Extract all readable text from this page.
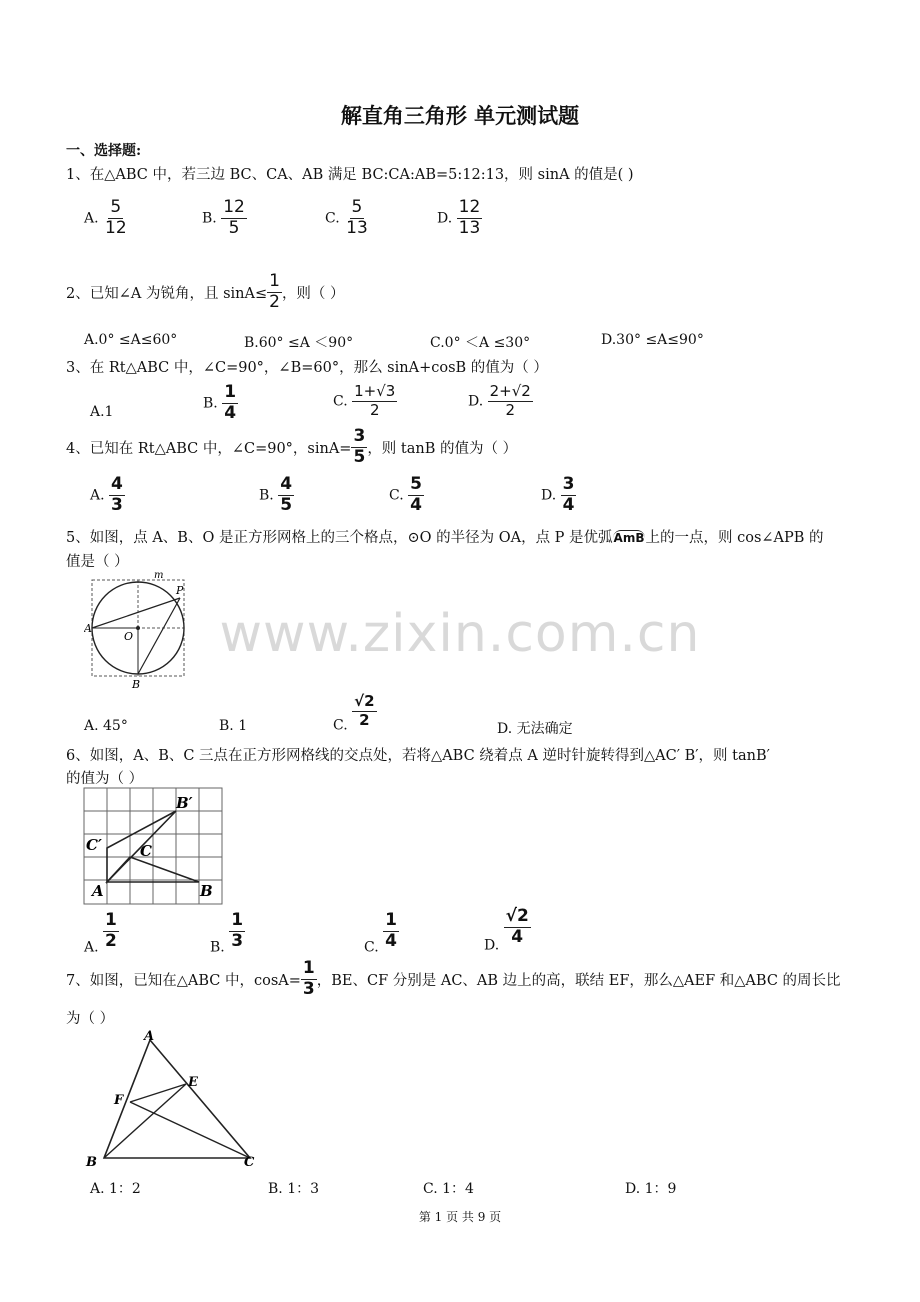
解直角三角形 单元测试题
一、选择题:
www.zixin.com.cn
1、在△ABC 中，若三边 BC、CA、AB 满足 BC:CA:AB=5:12:13，则 sinA 的值是( )
A. $\frac{5}{12}$	B. $\frac{12}{5}$	C. $\frac{5}{13}$	D. $\frac{12}{13}$
2、已知∠A 为锐角，且 $\sin A\le \frac{1}{2}$ ，则（ ）
A.0° ≤A≤60°	B.60° ≤A ＜90°	C.0° ＜A ≤30°	D.30° ≤A≤90°
3、在 Rt△ABC 中，∠C=90°，∠B=60°，那么 sinA+cosB 的值为（ ）
A.1
B. $\frac{1}{4}$	C. $\frac{1+√3}{2}$	D. $\frac{2+√2}{2}$
4、已知在 Rt△ABC 中，∠C=90°，$\sin A= \frac{3}{5}$ ，则 tanB 的值为（ ）
A. $\frac{4}{3}$	B. $\frac{4}{5}$	C. $\frac{5}{4}$	D. $\frac{3}{4}$
5、如图，点 A、B、O 是正方形网格上的三个格点，⊙O 的半径为 OA，点 P 是优弧AmB上的一点，则 cos∠APB 的
值是（ ）
A
O
P
B
m
A. 45°	B. 1	C. $\frac{√2}{2}$
D. 无法确定
6、如图，A、B、C 三点在正方形网格线的交点处，若将△ABC 绕着点 A 逆时针旋转得到△AC′ B′，则 tanB′
的值为（ ）
A	B
C
C′
B′
A. $\frac{1}{2}$	B. $\frac{1}{3}$	C. $\frac{1}{4}$	D. $\frac{√2}{4}$
7、如图，已知在△ABC 中，$\cos A= \frac{1}{3}$ ，BE、CF 分别是 AC、AB 边上的高，联结 EF，那么△AEF 和△ABC 的周长比
为（ ）
A
B	C
E
F
A. 1：2	B. 1：3	C. 1：4	D. 1：9
第 1 页 共 9 页
